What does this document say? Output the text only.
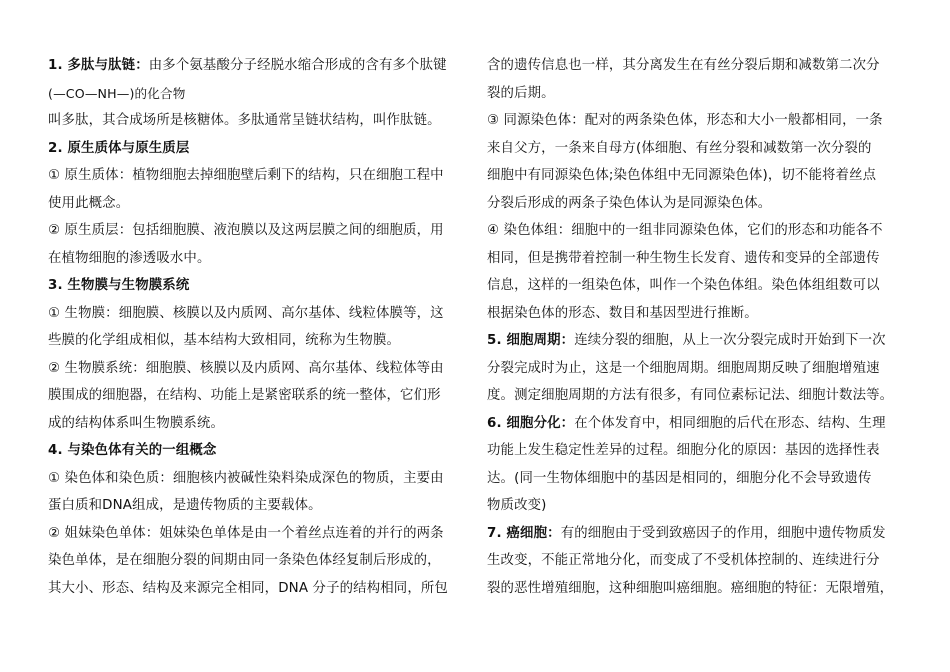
1. 多肽与肽链：由多个氨基酸分子经脱水缩合形成的含有多个肽键
(—CO—NH—)的化合物
叫多肽，其合成场所是核糖体。多肽通常呈链状结构，叫作肽链。
2. 原生质体与原生质层
① 原生质体：植物细胞去掉细胞壁后剩下的结构，只在细胞工程中
使用此概念。
② 原生质层：包括细胞膜、液泡膜以及这两层膜之间的细胞质，用
在植物细胞的渗透吸水中。
3. 生物膜与生物膜系统
① 生物膜：细胞膜、核膜以及内质网、高尔基体、线粒体膜等，这
些膜的化学组成相似，基本结构大致相同，统称为生物膜。
② 生物膜系统：细胞膜、核膜以及内质网、高尔基体、线粒体等由
膜围成的细胞器，在结构、功能上是紧密联系的统一整体，它们形
成的结构体系叫生物膜系统。
4. 与染色体有关的一组概念
① 染色体和染色质：细胞核内被碱性染料染成深色的物质，主要由
蛋白质和DNA组成，是遗传物质的主要载体。
② 姐妹染色单体：姐妹染色单体是由一个着丝点连着的并行的两条
染色单体，是在细胞分裂的间期由同一条染色体经复制后形成的，
其大小、形态、结构及来源完全相同，DNA 分子的结构相同，所包
含的遗传信息也一样，其分离发生在有丝分裂后期和减数第二次分
裂的后期。
③ 同源染色体：配对的两条染色体，形态和大小一般都相同，一条
来自父方，一条来自母方(体细胞、有丝分裂和减数第一次分裂的
细胞中有同源染色体;染色体组中无同源染色体)，切不能将着丝点
分裂后形成的两条子染色体认为是同源染色体。
④ 染色体组：细胞中的一组非同源染色体，它们的形态和功能各不
相同，但是携带着控制一种生物生长发育、遗传和变异的全部遗传
信息，这样的一组染色体，叫作一个染色体组。染色体组组数可以
根据染色体的形态、数目和基因型进行推断。
5. 细胞周期：连续分裂的细胞，从上一次分裂完成时开始到下一次
分裂完成时为止，这是一个细胞周期。细胞周期反映了细胞增殖速
度。测定细胞周期的方法有很多，有同位素标记法、细胞计数法等。
6. 细胞分化：在个体发育中，相同细胞的后代在形态、结构、生理
功能上发生稳定性差异的过程。细胞分化的原因：基因的选择性表
达。(同一生物体细胞中的基因是相同的，细胞分化不会导致遗传
物质改变)
7. 癌细胞：有的细胞由于受到致癌因子的作用，细胞中遗传物质发
生改变，不能正常地分化，而变成了不受机体控制的、连续进行分
裂的恶性增殖细胞，这种细胞叫癌细胞。癌细胞的特征：无限增殖，
